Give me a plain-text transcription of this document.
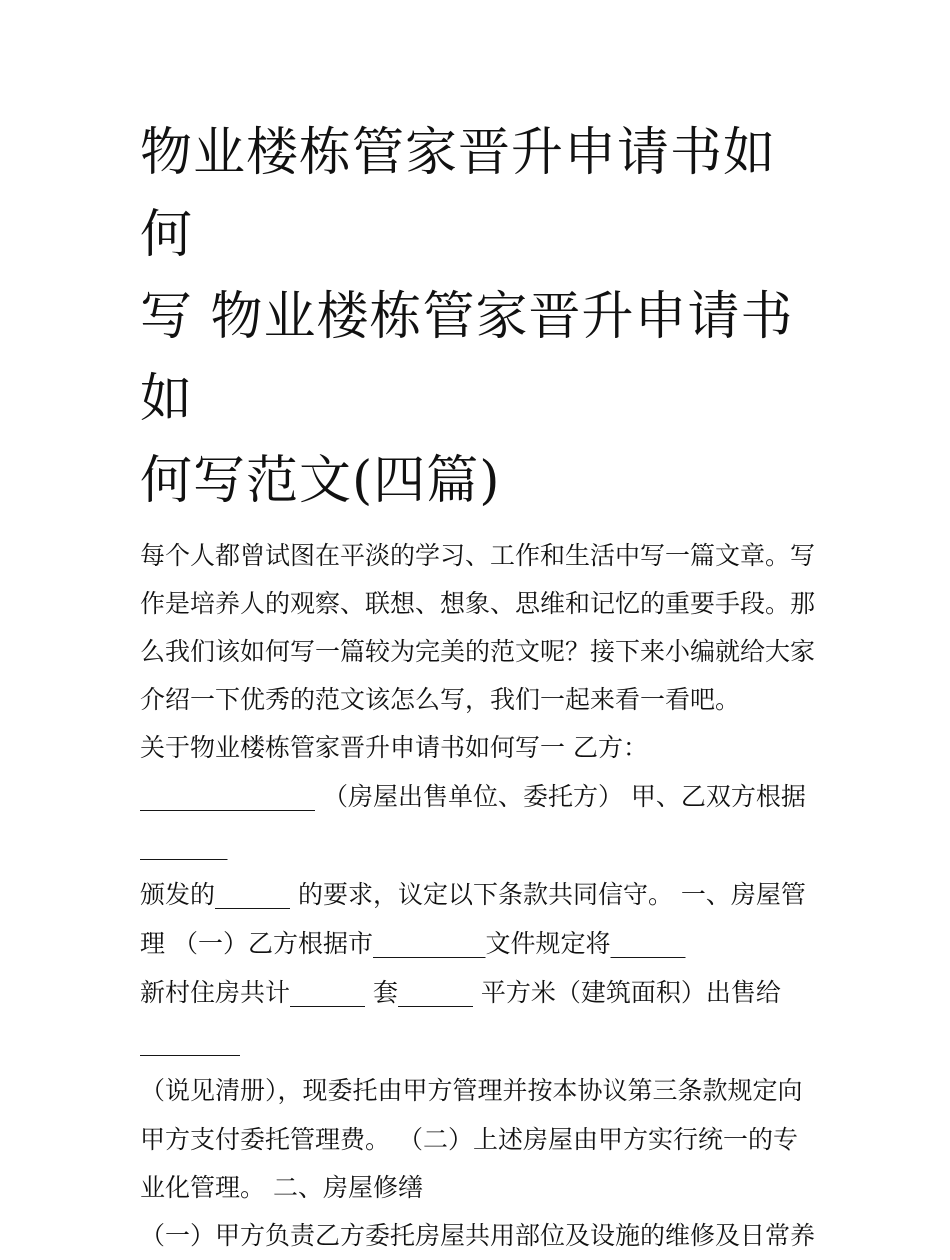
物业楼栋管家晋升申请书如何
写 物业楼栋管家晋升申请书如
何写范文(四篇)
每个人都曾试图在平淡的学习、工作和生活中写一篇文章。写
作是培养人的观察、联想、想象、思维和记忆的重要手段。那
么我们该如何写一篇较为完美的范文呢？接下来小编就给大家
介绍一下优秀的范文该怎么写，我们一起来看一看吧。
关于物业楼栋管家晋升申请书如何写一 乙方：
______________ （房屋出售单位、委托方） 甲、乙双方根据
_______
颁发的______ 的要求，议定以下条款共同信守。 一、房屋管
理 （一）乙方根据市_________文件规定将______
新村住房共计______ 套______ 平方米（建筑面积）出售给
________
（说见清册），现委托由甲方管理并按本协议第三条款规定向
甲方支付委托管理费。 （二）上述房屋由甲方实行统一的专
业化管理。 二、房屋修缮
（一）甲方负责乙方委托房屋共用部位及设施的维修及日常养
